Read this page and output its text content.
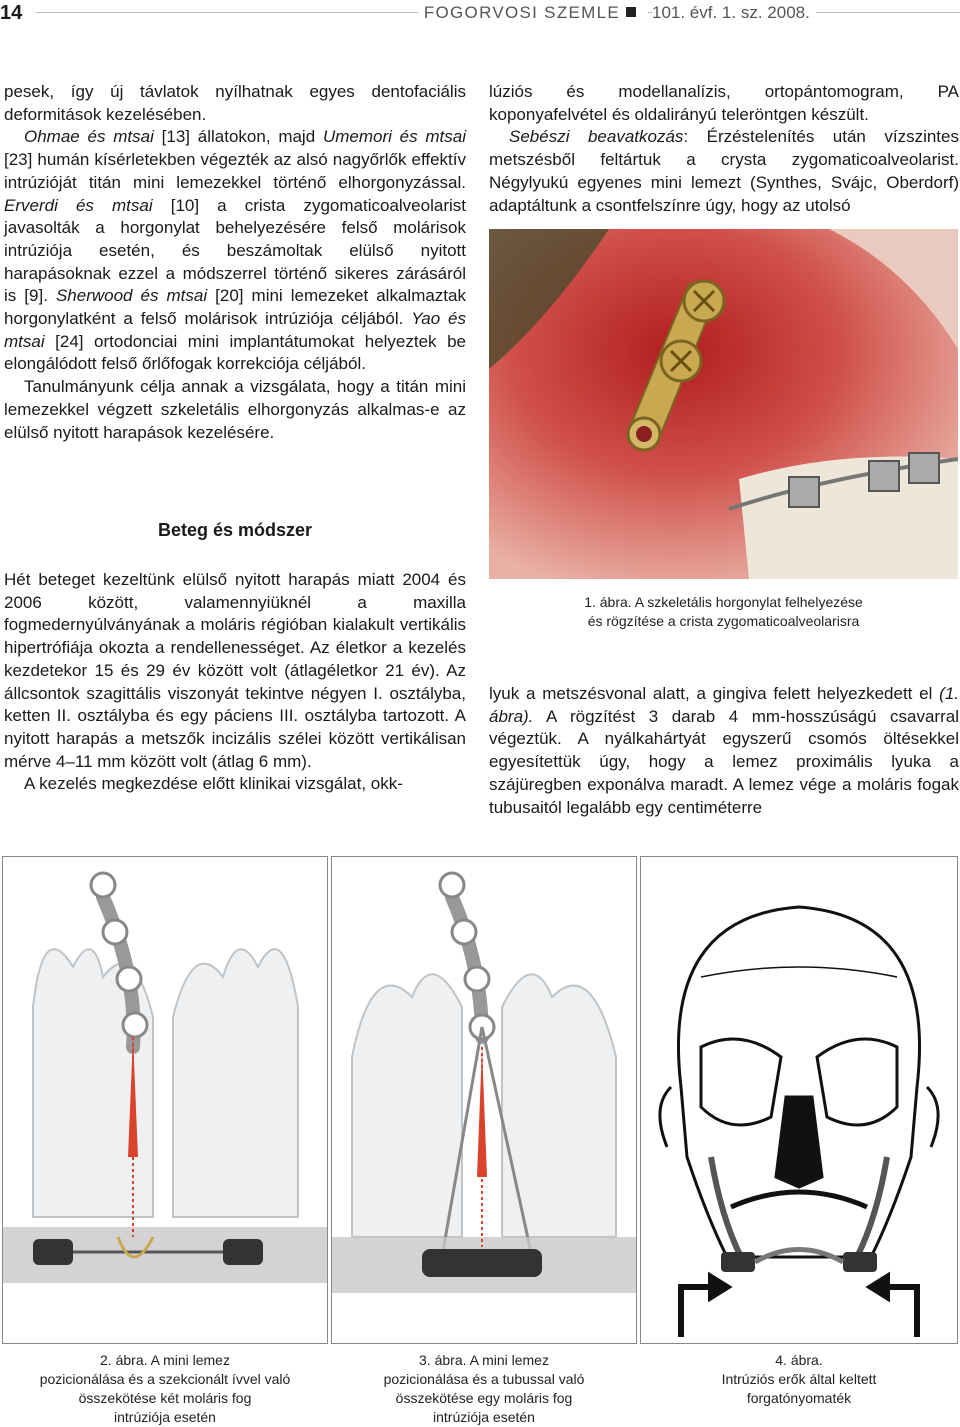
14	FOGORVOSI SZEMLE	101. évf. 1. sz. 2008.

pesek, így új távlatok nyílhatnak egyes dentofaciális deformitások kezelésében.

Ohmae és mtsai [13] állatokon, majd Umemori és mtsai [23] humán kísérletekben végezték az alsó nagyőrlők effektív intrúzióját titán mini lemezekkel történő elhorgonyzással. Erverdi és mtsai [10] a crista zygomaticoalveolarist javasolták a horgonylat behelyezésére felső molárisok intrúziója esetén, és beszámoltak elülső nyitott harapásoknak ezzel a módszerrel történő sikeres zárásáról is [9]. Sherwood és mtsai [20] mini lemezeket alkalmaztak horgonylatként a felső molárisok intrúziója céljából. Yao és mtsai [24] ortodonciai mini implantátumokat helyeztek be elongálódott felső őrlőfogak korrekciója céljából.

Tanulmányunk célja annak a vizsgálata, hogy a titán mini lemezekkel végzett szkeletális elhorgonyzás alkalmas-e az elülső nyitott harapások kezelésére.

Beteg és módszer

Hét beteget kezeltünk elülső nyitott harapás miatt 2004 és 2006 között, valamennyiüknél a maxilla fogmedernyúlványának a moláris régióban kialakult vertikális hipertrófiája okozta a rendellenességet. Az életkor a kezelés kezdetekor 15 és 29 év között volt (átlagéletkor 21 év). Az állcsontok szagittális viszonyát tekintve négyen I. osztályba, ketten II. osztályba és egy páciens III. osztályba tartozott. A nyitott harapás a metszők incizális szélei között vertikálisan mérve 4–11 mm között volt (átlag 6 mm).

A kezelés megkezdése előtt klinikai vizsgálat, okk-

lúziós és modellanalízis, ortopántomogram, PA koponyafelvétel és oldalirányú teleröntgen készült.

Sebészi beavatkozás: Érzéstelenítés után vízszintes metszésből feltártuk a crysta zygomaticoalveolarist. Négylyukú egyenes mini lemezt (Synthes, Svájc, Oberdorf) adaptáltunk a csontfelszínre úgy, hogy az utolsó

1. ábra. A szkeletális horgonylat felhelyezése
és rögzítése a crista zygomaticoalveolarisra

lyuk a metszésvonal alatt, a gingiva felett helyezkedett el (1. ábra). A rögzítést 3 darab 4 mm-hosszúságú csavarral végeztük. A nyálkahártyát egyszerű csomós öltésekkel egyesítettük úgy, hogy a lemez proximális lyuka a szájüregben exponálva maradt. A lemez vége a moláris fogak tubusaitól legalább egy centiméterre

2. ábra. A mini lemez
pozicionálása és a szekcionált ívvel való
összekötése két moláris fog
intrúziója esetén
3. ábra. A mini lemez
pozicionálása és a tubussal való
összekötése egy moláris fog
intrúziója esetén
4. ábra.
Intrúziós erők által keltett
forgatónyomaték
